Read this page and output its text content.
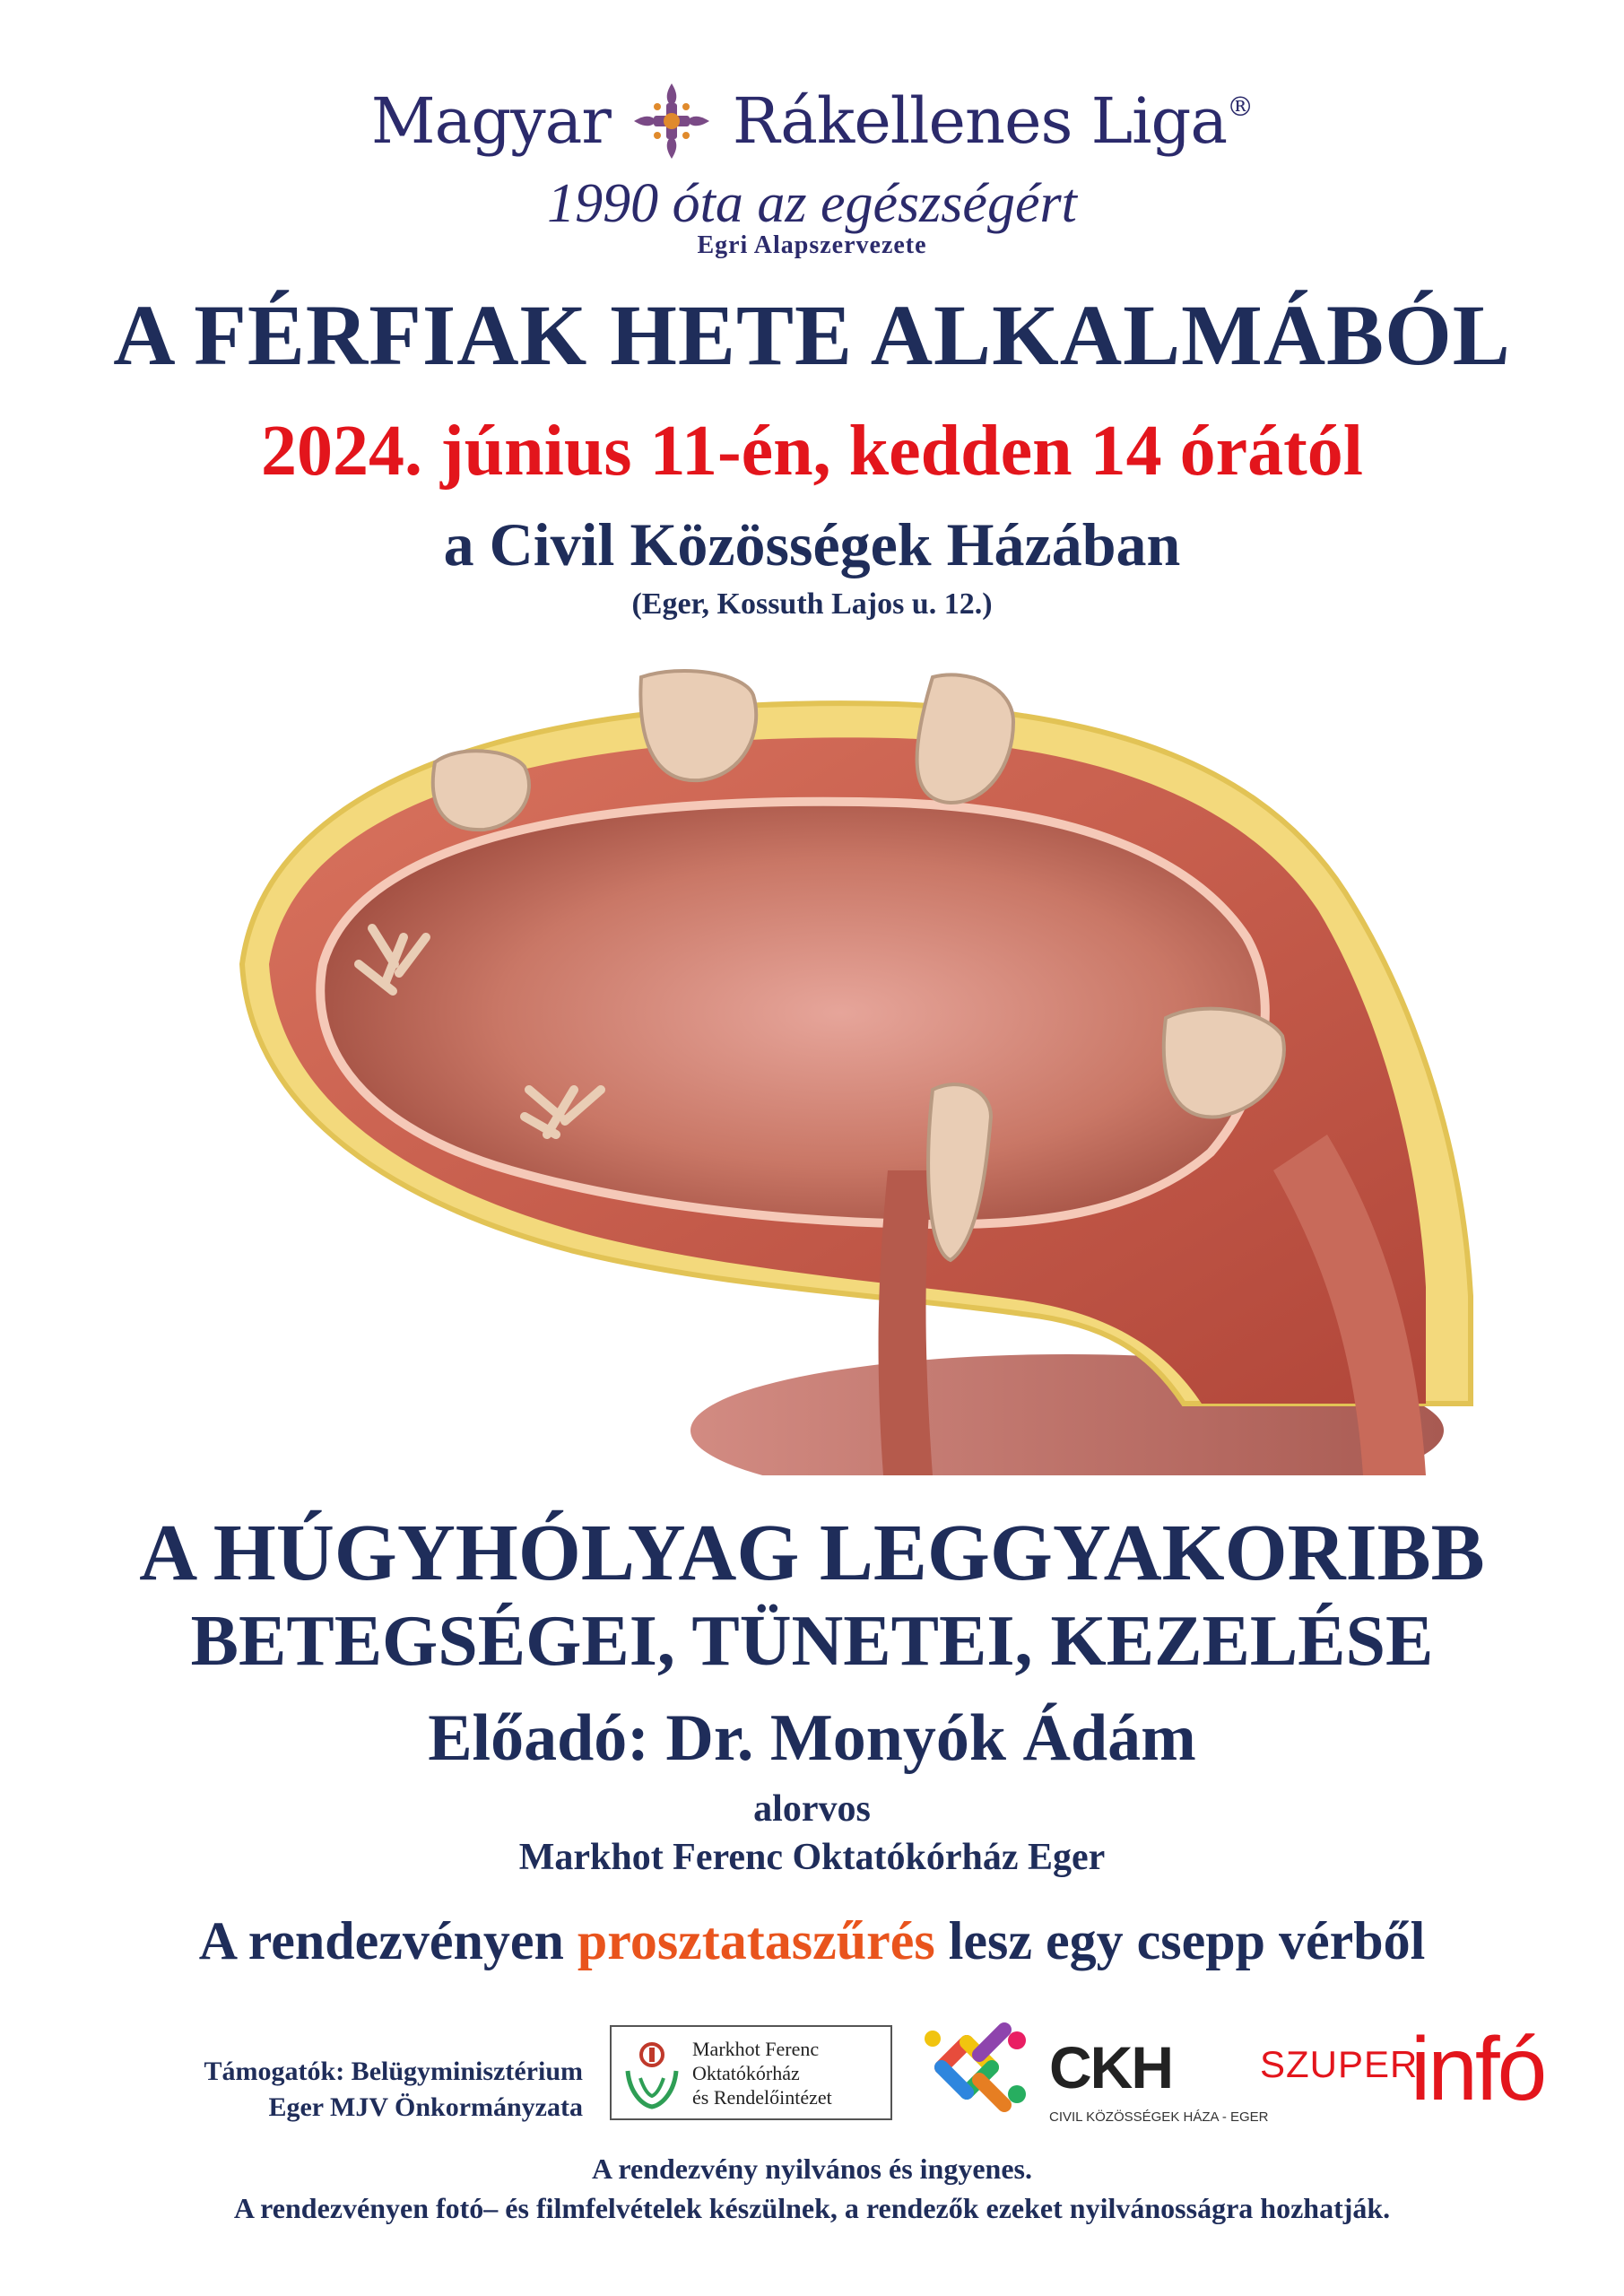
Magyar Rákellenes Liga®
1990 óta az egészségért
Egri Alapszervezete
A FÉRFIAK HETE ALKALMÁBÓL
2024. június 11-én, kedden 14 órától
a Civil Közösségek Házában
(Eger, Kossuth Lajos u. 12.)
A HÚGYHÓLYAG LEGGYAKORIBB
BETEGSÉGEI, TÜNETEI, KEZELÉSE
Előadó: Dr. Monyók Ádám
alorvos
Markhot Ferenc Oktatókórház Eger
A rendezvényen prosztataszűrés lesz egy csepp vérből
Támogatók: Belügyminisztérium
Eger MJV Önkormányzata
Markhot Ferenc
Oktatókórház
és Rendelőintézet	CKH
CIVIL KÖZÖSSÉGEK HÁZA - EGER
SZUPER
infó
A rendezvény nyilvános és ingyenes.
A rendezvényen fotó– és filmfelvételek készülnek, a rendezők ezeket nyilvánosságra hozhatják.
